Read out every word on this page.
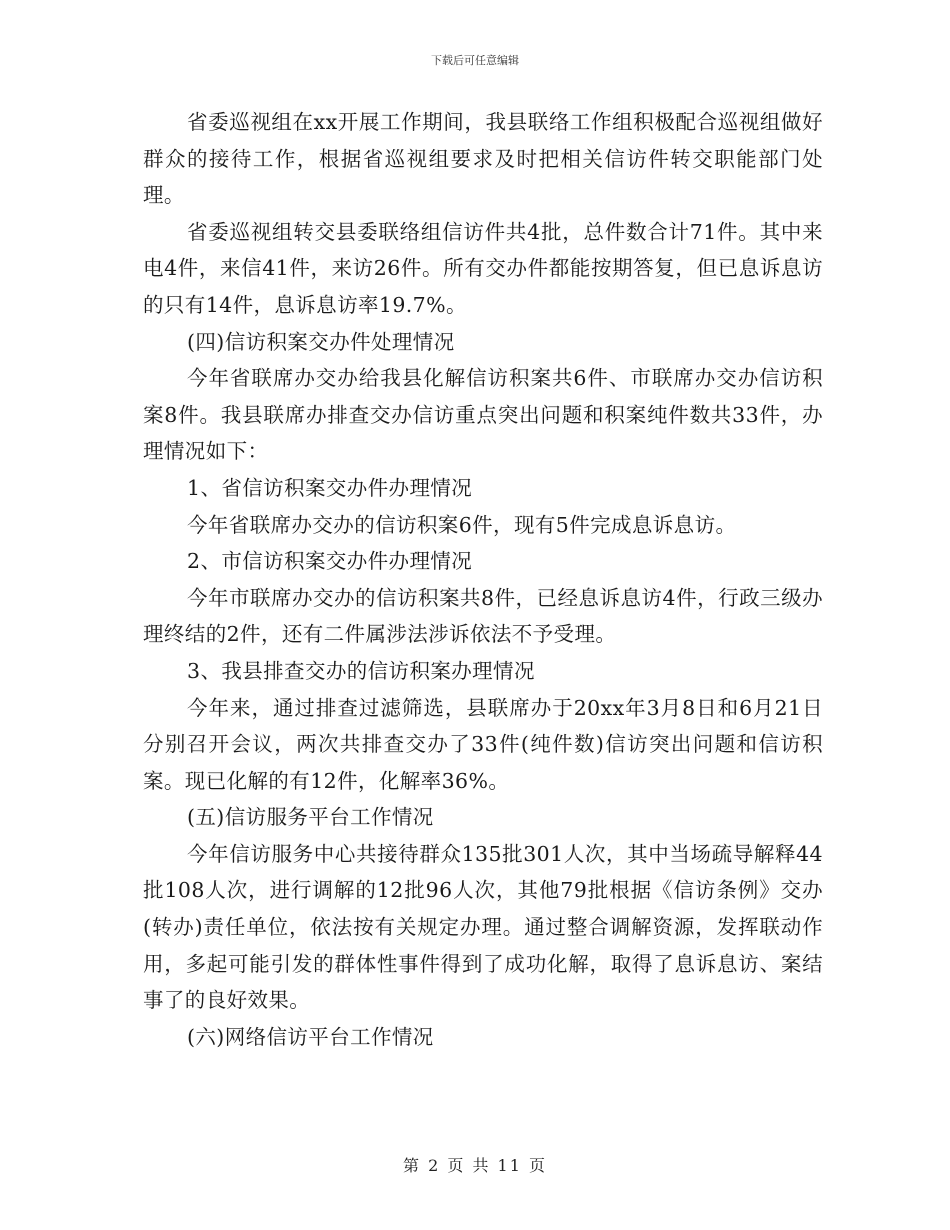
下载后可任意编辑

省委巡视组在xx开展工作期间，我县联络工作组积极配合巡视组做好群众的接待工作，根据省巡视组要求及时把相关信访件转交职能部门处理。

省委巡视组转交县委联络组信访件共4批，总件数合计71件。其中来电4件，来信41件，来访26件。所有交办件都能按期答复，但已息诉息访的只有14件，息诉息访率19.7%。

(四)信访积案交办件处理情况

今年省联席办交办给我县化解信访积案共6件、市联席办交办信访积案8件。我县联席办排查交办信访重点突出问题和积案纯件数共33件，办理情况如下：

1、省信访积案交办件办理情况

今年省联席办交办的信访积案6件，现有5件完成息诉息访。

2、市信访积案交办件办理情况

今年市联席办交办的信访积案共8件，已经息诉息访4件，行政三级办理终结的2件，还有二件属涉法涉诉依法不予受理。

3、我县排查交办的信访积案办理情况

今年来，通过排查过滤筛选，县联席办于20xx年3月8日和6月21日分别召开会议，两次共排查交办了33件(纯件数)信访突出问题和信访积案。现已化解的有12件，化解率36%。

(五)信访服务平台工作情况

今年信访服务中心共接待群众135批301人次，其中当场疏导解释44批108人次，进行调解的12批96人次，其他79批根据《信访条例》交办(转办)责任单位，依法按有关规定办理。通过整合调解资源，发挥联动作用，多起可能引发的群体性事件得到了成功化解，取得了息诉息访、案结事了的良好效果。

(六)网络信访平台工作情况

第 2 页 共 11 页
